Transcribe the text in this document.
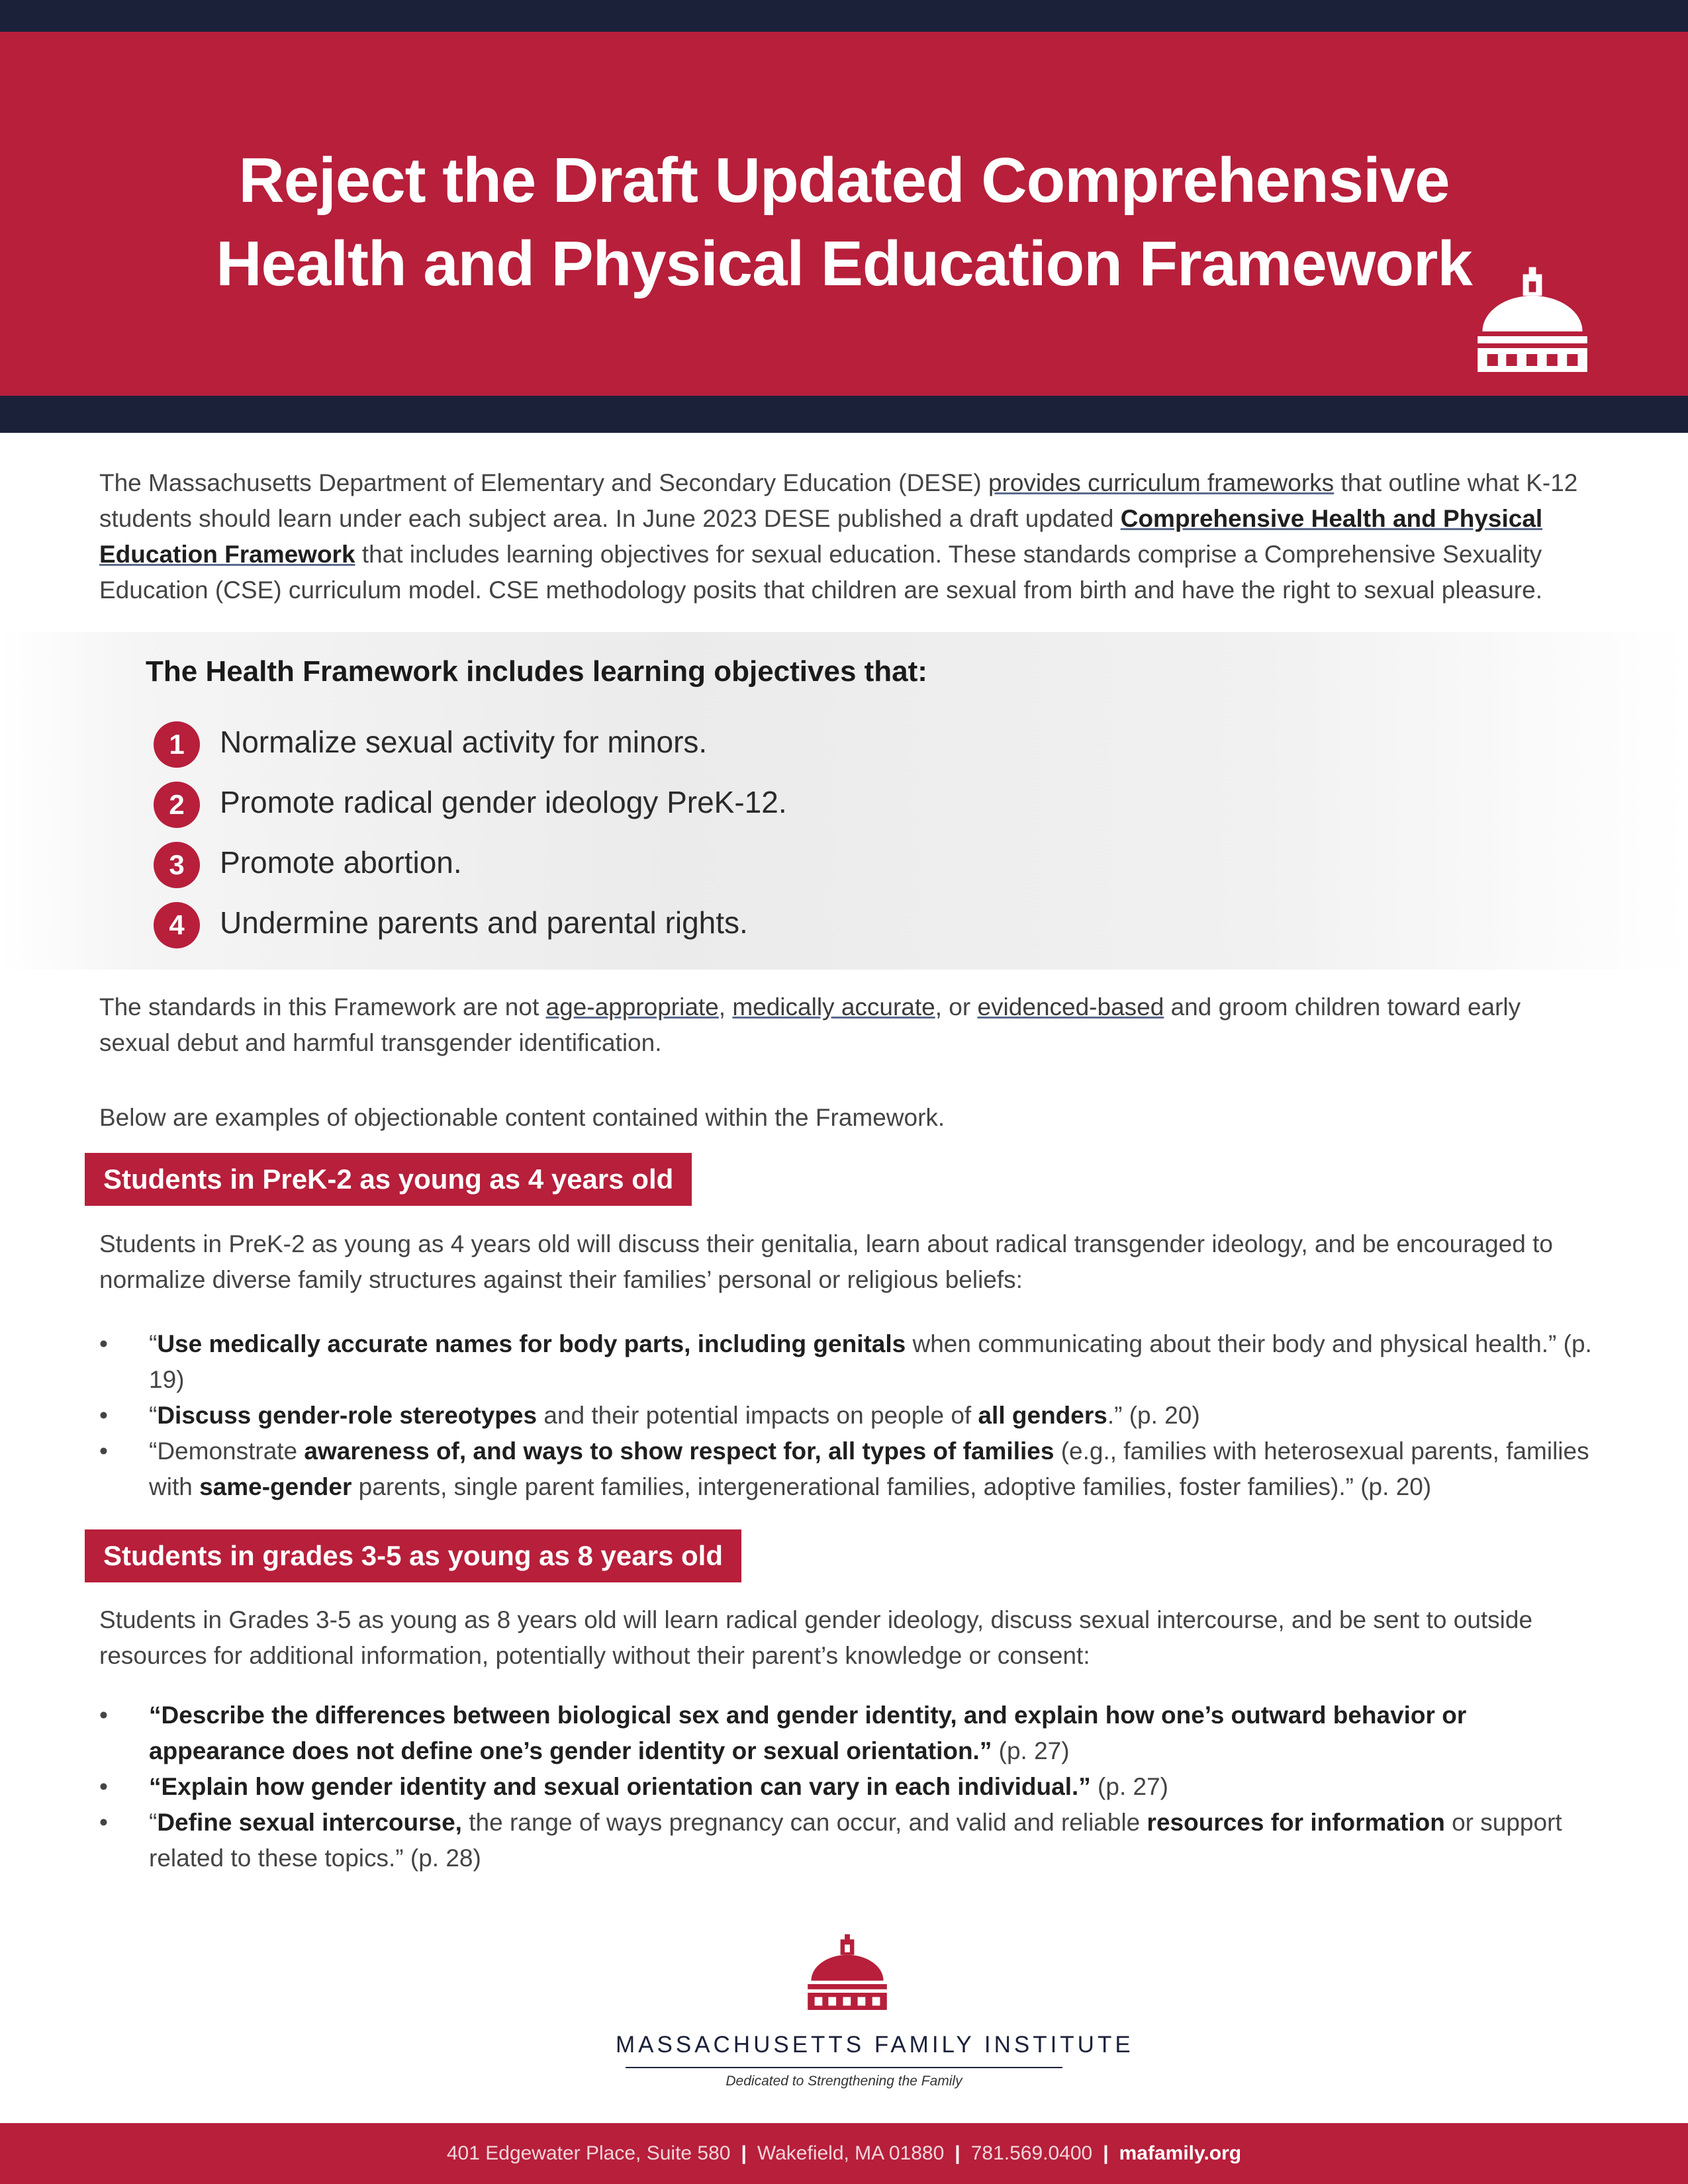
Reject the Draft Updated Comprehensive
Health and Physical Education Framework
The Massachusetts Department of Elementary and Secondary Education (DESE) provides curriculum frameworks that outline what K-12 students should learn under each subject area. In June 2023 DESE published a draft updated Comprehensive Health and Physical Education Framework that includes learning objectives for sexual education. These standards comprise a Comprehensive Sexuality Education (CSE) curriculum model. CSE methodology posits that children are sexual from birth and have the right to sexual pleasure.
The Health Framework includes learning objectives that:
1	Normalize sexual activity for minors.
2	Promote radical gender ideology PreK-12.
3	Promote abortion.
4	Undermine parents and parental rights.
The standards in this Framework are not age-appropriate, medically accurate, or evidenced-based and groom children toward early sexual debut and harmful transgender identification.
Below are examples of objectionable content contained within the Framework.
Students in PreK-2 as young as 4 years old
Students in PreK-2 as young as 4 years old will discuss their genitalia, learn about radical transgender ideology, and be encouraged to normalize diverse family structures against their families’ personal or religious beliefs:
• “Use medically accurate names for body parts, including genitals when communicating about their body and physical health.” (p. 19)
• “Discuss gender-role stereotypes and their potential impacts on people of all genders.” (p. 20)
• “Demonstrate awareness of, and ways to show respect for, all types of families (e.g., families with heterosexual parents, families with same-gender parents, single parent families, intergenerational families, adoptive families, foster families).” (p. 20)
Students in grades 3-5 as young as 8 years old
Students in Grades 3-5 as young as 8 years old will learn radical gender ideology, discuss sexual intercourse, and be sent to outside resources for additional information, potentially without their parent’s knowledge or consent:
• “Describe the differences between biological sex and gender identity, and explain how one’s outward behavior or appearance does not define one’s gender identity or sexual orientation.” (p. 27)
• “Explain how gender identity and sexual orientation can vary in each individual.” (p. 27)
• “Define sexual intercourse, the range of ways pregnancy can occur, and valid and reliable resources for information or support related to these topics.” (p. 28)
MASSACHUSETTS FAMILY INSTITUTE
Dedicated to Strengthening the Family
401 Edgewater Place, Suite 580 | Wakefield, MA 01880 | 781.569.0400 | mafamily.org
